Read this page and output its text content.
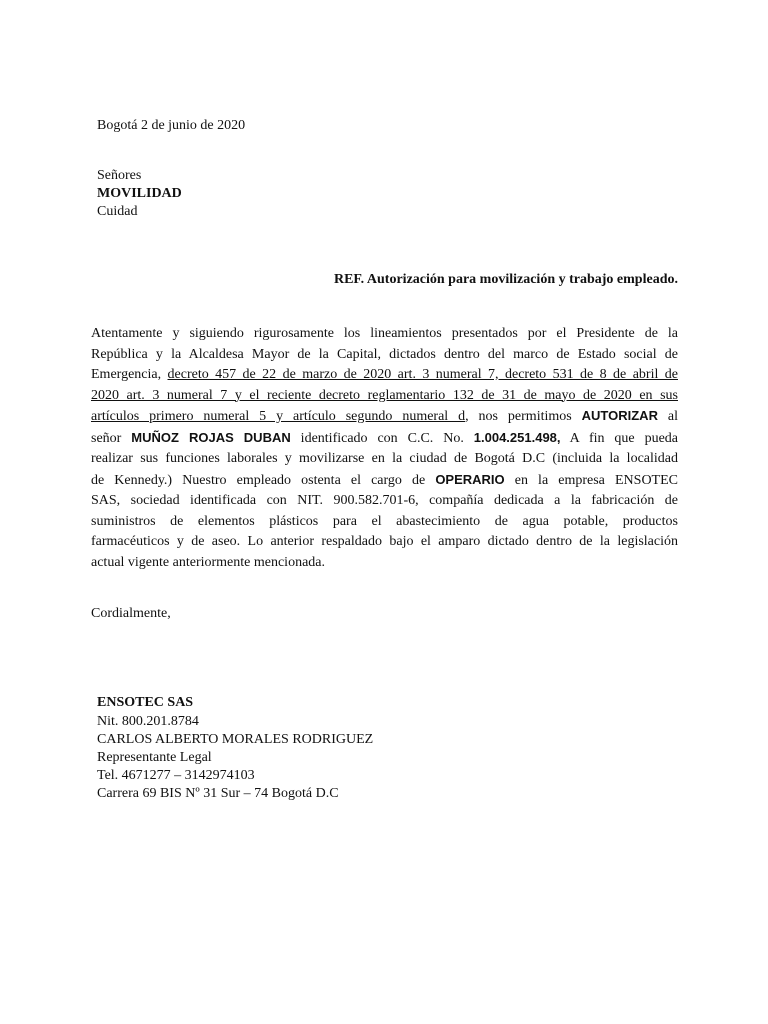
Bogotá 2 de junio de 2020
Señores
MOVILIDAD
Cuidad
REF. Autorización para movilización y trabajo empleado.
Atentamente y siguiendo rigurosamente los lineamientos presentados por el Presidente de la
República y la Alcaldesa Mayor de la Capital, dictados dentro del marco de Estado social de
Emergencia, decreto 457 de 22 de marzo de 2020 art. 3 numeral 7, decreto 531 de 8 de abril de
2020 art. 3 numeral 7 y el reciente decreto reglamentario 132 de 31 de mayo de 2020 en sus
artículos primero numeral 5 y artículo segundo numeral d, nos permitimos AUTORIZAR al
señor MUÑOZ ROJAS DUBAN identificado con C.C. No. 1.004.251.498, A fin que pueda
realizar sus funciones laborales y movilizarse en la ciudad de Bogotá D.C (incluida la localidad
de Kennedy.) Nuestro empleado ostenta el cargo de OPERARIO en la empresa ENSOTEC
SAS, sociedad identificada con NIT. 900.582.701-6, compañía dedicada a la fabricación de
suministros de elementos plásticos para el abastecimiento de agua potable, productos
farmacéuticos y de aseo. Lo anterior respaldado bajo el amparo dictado dentro de la legislación
actual vigente anteriormente mencionada.
Cordialmente,
ENSOTEC SAS
Nit. 800.201.8784
CARLOS ALBERTO MORALES RODRIGUEZ
Representante Legal
Tel. 4671277 – 3142974103
Carrera 69 BIS Nº 31 Sur – 74 Bogotá D.C
